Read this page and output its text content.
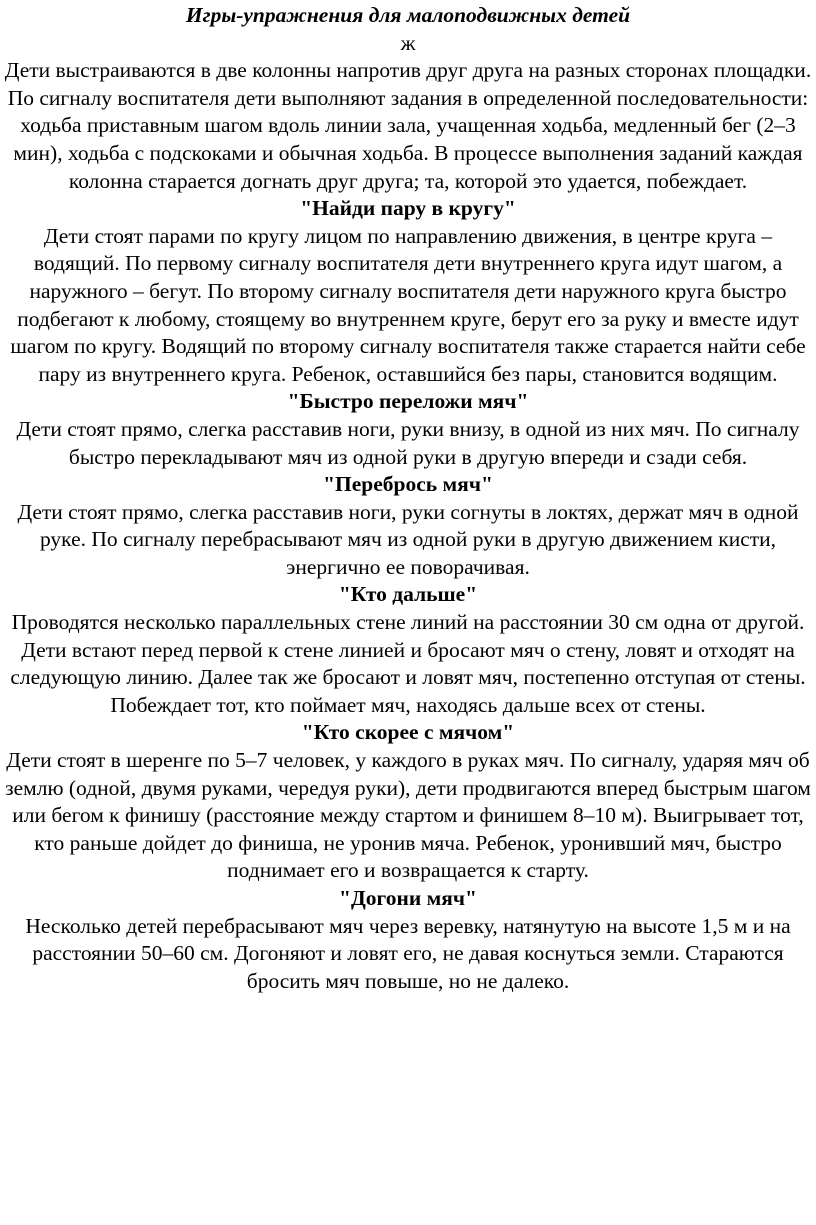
Игры-упражнения для малоподвижных детей

ж

Дети выстраиваются в две колонны напротив друг друга на разных сторонах площадки. По сигналу воспитателя дети выполняют задания в определенной последовательности: ходьба приставным шагом вдоль линии зала, учащенная ходьба, медленный бег (2–3 мин), ходьба с подскоками и обычная ходьба. В процессе выполнения заданий каждая колонна старается догнать друг друга; та, которой это удается, побеждает.

"Найди пару в кругу"

Дети стоят парами по кругу лицом по направлению движения, в центре круга – водящий. По первому сигналу воспитателя дети внутреннего круга идут шагом, а наружного – бегут. По второму сигналу воспитателя дети наружного круга быстро подбегают к любому, стоящему во внутреннем круге, берут его за руку и вместе идут шагом по кругу. Водящий по второму сигналу воспитателя также старается найти себе пару из внутреннего круга. Ребенок, оставшийся без пары, становится водящим.

"Быстро переложи мяч"

Дети стоят прямо, слегка расставив ноги, руки внизу, в одной из них мяч. По сигналу быстро перекладывают мяч из одной руки в другую впереди и сзади себя.

"Перебрось мяч"

Дети стоят прямо, слегка расставив ноги, руки согнуты в локтях, держат мяч в одной руке. По сигналу перебрасывают мяч из одной руки в другую движением кисти, энергично ее поворачивая.

"Кто дальше"

Проводятся несколько параллельных стене линий на расстоянии 30 см одна от другой. Дети встают перед первой к стене линией и бросают мяч о стену, ловят и отходят на следующую линию. Далее так же бросают и ловят мяч, постепенно отступая от стены. Побеждает тот, кто поймает мяч, находясь дальше всех от стены.

"Кто скорее с мячом"

Дети стоят в шеренге по 5–7 человек, у каждого в руках мяч. По сигналу, ударяя мяч об землю (одной, двумя руками, чередуя руки), дети продвигаются вперед быстрым шагом или бегом к финишу (расстояние между стартом и финишем 8–10 м). Выигрывает тот, кто раньше дойдет до финиша, не уронив мяча. Ребенок, уронивший мяч, быстро поднимает его и возвращается к старту.

"Догони мяч"

Несколько детей перебрасывают мяч через веревку, натянутую на высоте 1,5 м и на расстоянии 50–60 см. Догоняют и ловят его, не давая коснуться земли. Стараются бросить мяч повыше, но не далеко.
